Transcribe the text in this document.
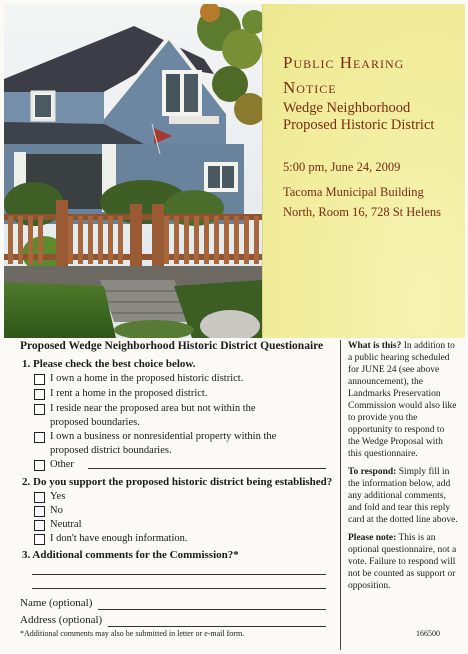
Public Hearing
Notice
Wedge Neighborhood Proposed Historic District
5:00 pm, June 24, 2009
Tacoma Municipal Building
North, Room 16, 728 St Helens
Proposed Wedge Neighborhood Historic District Questionaire
1. Please check the best choice below.
I own a home in the proposed historic district.
I rent a home in the proposed district.
I reside near the proposed area but not within the proposed boundaries.
I own a business or nonresidential property within the proposed district boundaries.
Other
2. Do you support the proposed historic district being established?
Yes
No
Neutral
I don't have enough information.
3. Additional comments for the Commission?*
Name (optional)
Address (optional)
*Additional comments may also be submitted in letter or e-mail form.

What is this? In addition to a public hearing scheduled for JUNE 24 (see above announcement), the Landmarks Preservation Commission would also like to provide you the opportunity to respond to the Wedge Proposal with this questionnaire.

To respond: Simply fill in the information below, add any additional comments, and fold and tear this reply card at the dotted line above.

Please note: This is an optional questionnaire, not a vote. Failure to respond will not be counted as support or opposition.

166500
